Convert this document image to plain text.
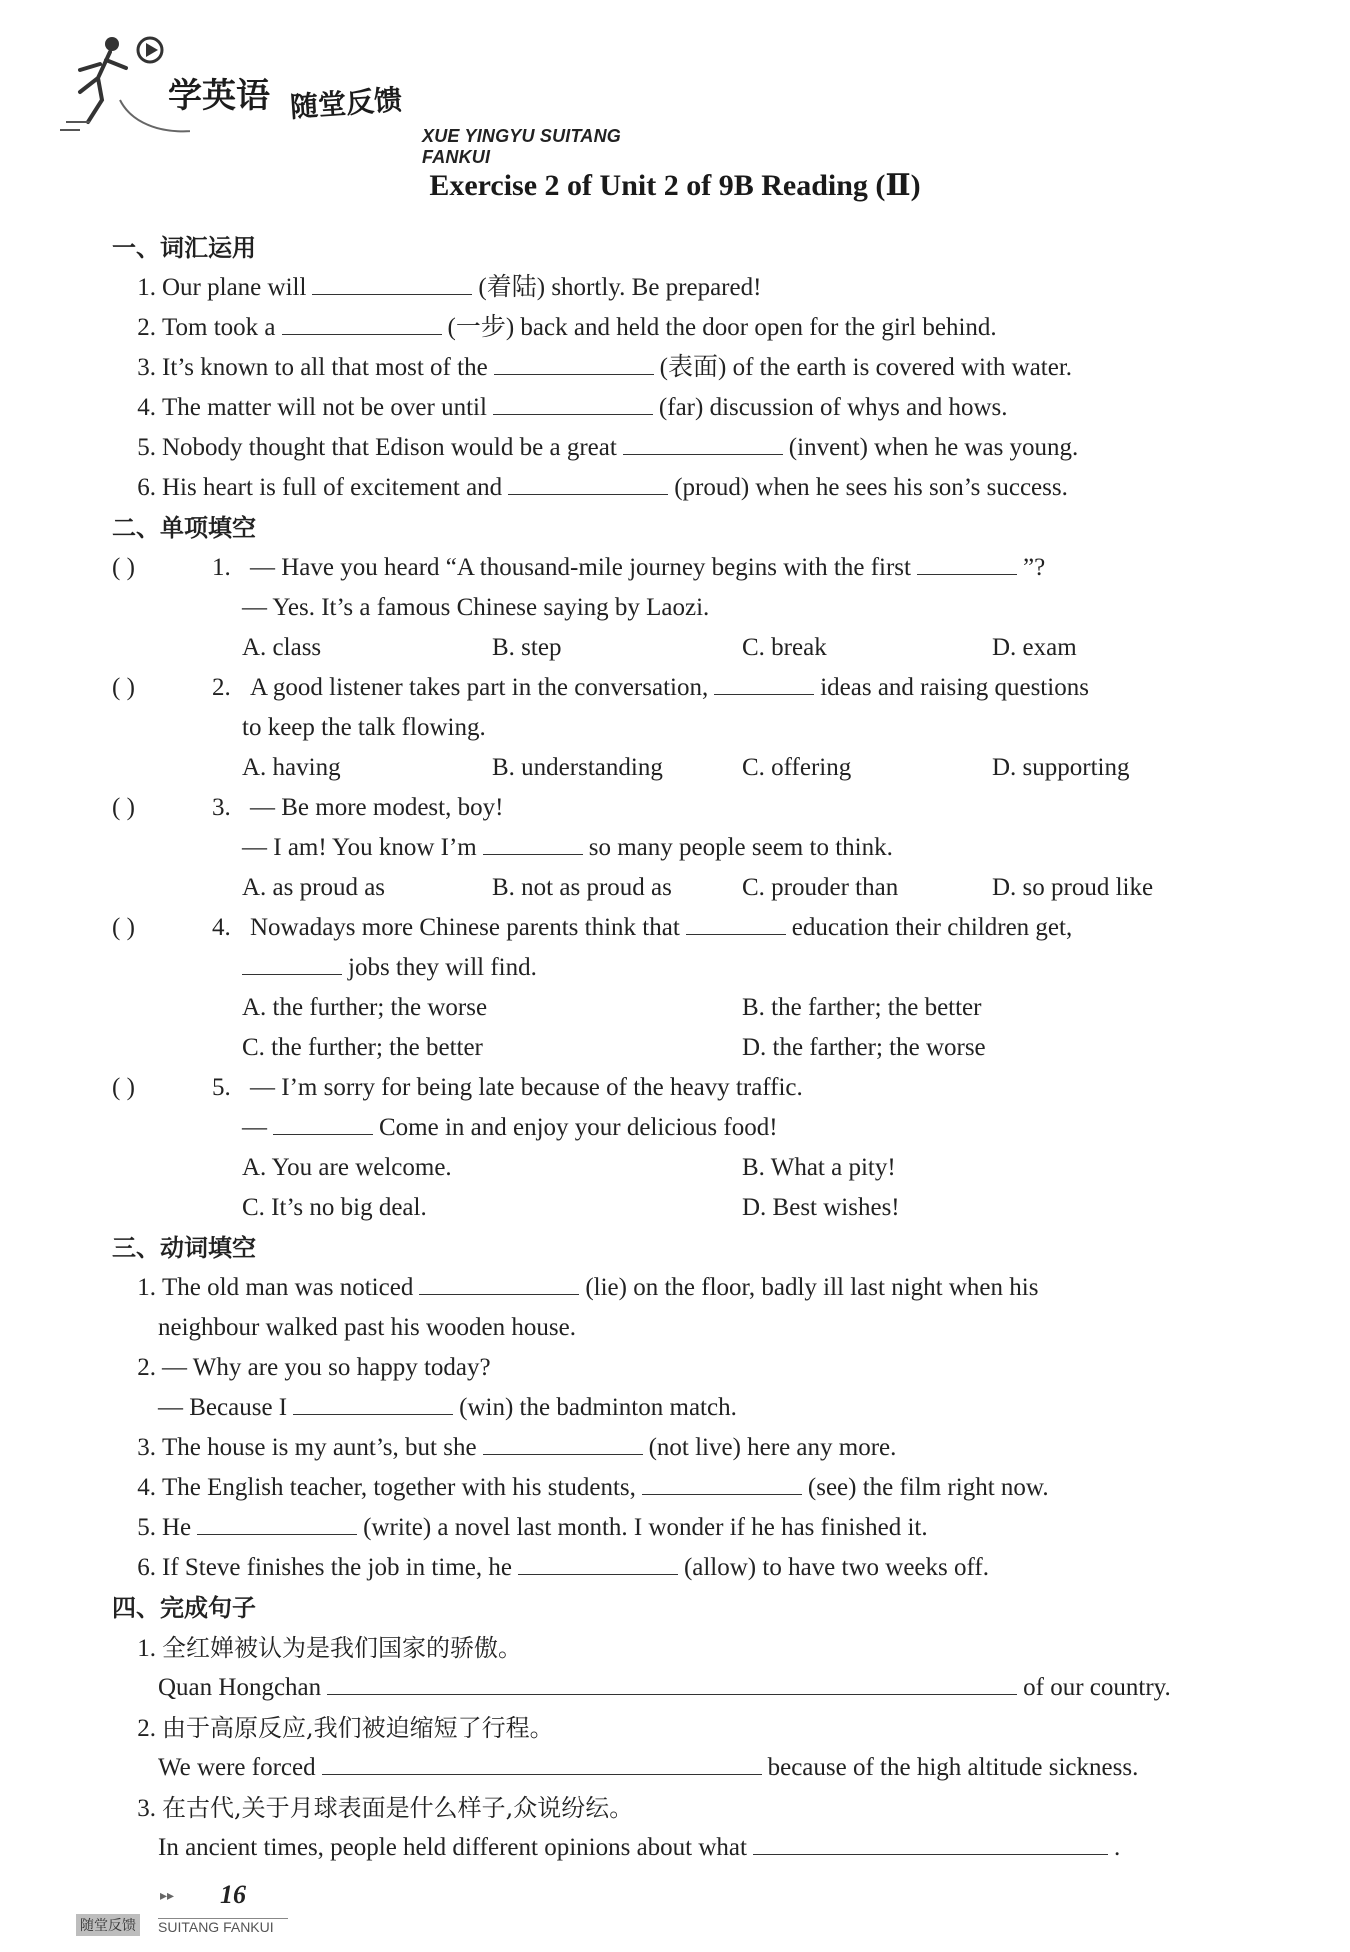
学英语 随堂反馈
XUE YINGYU SUITANG FANKUI
Exercise 2 of Unit 2 of 9B Reading (Ⅱ)
一、词汇运用
1. Our plane will	(着陆) shortly. Be prepared!
2. Tom took a	(一步) back and held the door open for the girl behind.
3. It’s known to all that most of the	(表面) of the earth is covered with water.
4. The matter will not be over until	(far) discussion of whys and hows.
5. Nobody thought that Edison would be a great	(invent) when he was young.
6. His heart is full of excitement and	(proud) when he sees his son’s success.
二、单项填空
( )	1. — Have you heard “A thousand-mile journey begins with the first	”?
— Yes. It’s a famous Chinese saying by Laozi.
A. class	B. step	C. break	D. exam
( )	2. A good listener takes part in the conversation,	ideas and raising questions
to keep the talk flowing.
A. having	B. understanding	C. offering	D. supporting
( )	3. — Be more modest, boy!
— I am! You know I’m	so many people seem to think.
A. as proud as	B. not as proud as	C. prouder than	D. so proud like
( )	4. Nowadays more Chinese parents think that	education their children get,
jobs they will find.
A. the further; the worse	B. the farther; the better
C. the further; the better	D. the farther; the worse
( )	5. — I’m sorry for being late because of the heavy traffic.
—	Come in and enjoy your delicious food!
A. You are welcome.	B. What a pity!
C. It’s no big deal.	D. Best wishes!
三、动词填空
1. The old man was noticed	(lie) on the floor, badly ill last night when his
neighbour walked past his wooden house.
2. — Why are you so happy today?
— Because I	(win) the badminton match.
3. The house is my aunt’s, but she	(not live) here any more.
4. The English teacher, together with his students,	(see) the film right now.
5. He	(write) a novel last month. I wonder if he has finished it.
6. If Steve finishes the job in time, he	(allow) to have two weeks off.
四、完成句子
1. 全红婵被认为是我们国家的骄傲。
Quan Hongchan	of our country.
2. 由于高原反应,我们被迫缩短了行程。
We were forced	because of the high altitude sickness.
3. 在古代,关于月球表面是什么样子,众说纷纭。
In ancient times, people held different opinions about what	.
▸▸ 16
随堂反馈 SUITANG FANKUI
